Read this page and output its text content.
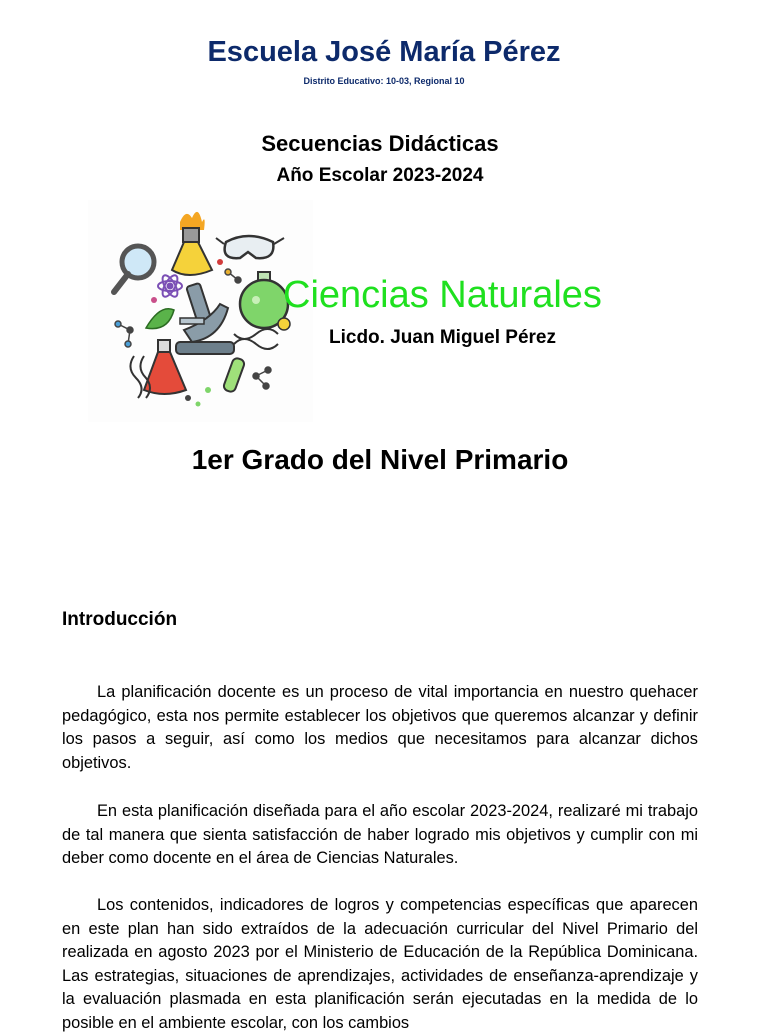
Escuela José María Pérez
Distrito Educativo: 10-03, Regional 10
Secuencias Didácticas
Año Escolar 2023-2024
Ciencias Naturales
Licdo. Juan Miguel Pérez
1er Grado del Nivel Primario
Introducción

La planificación docente es un proceso de vital importancia en nuestro quehacer pedagógico, esta nos permite establecer los objetivos que queremos alcanzar y definir los pasos a seguir, así como los medios que necesitamos para alcanzar dichos objetivos.

En esta planificación diseñada para el año escolar 2023-2024, realizaré mi trabajo de tal manera que sienta satisfacción de haber logrado mis objetivos y cumplir con mi deber como docente en el área de Ciencias Naturales.

Los contenidos, indicadores de logros y competencias específicas que aparecen en este plan han sido extraídos de la adecuación curricular del Nivel Primario del realizada en agosto 2023 por el Ministerio de Educación de la República Dominicana. Las estrategias, situaciones de aprendizajes, actividades de enseñanza-aprendizaje y la evaluación plasmada en esta planificación serán ejecutadas en la medida de lo posible en el ambiente escolar, con los cambios
